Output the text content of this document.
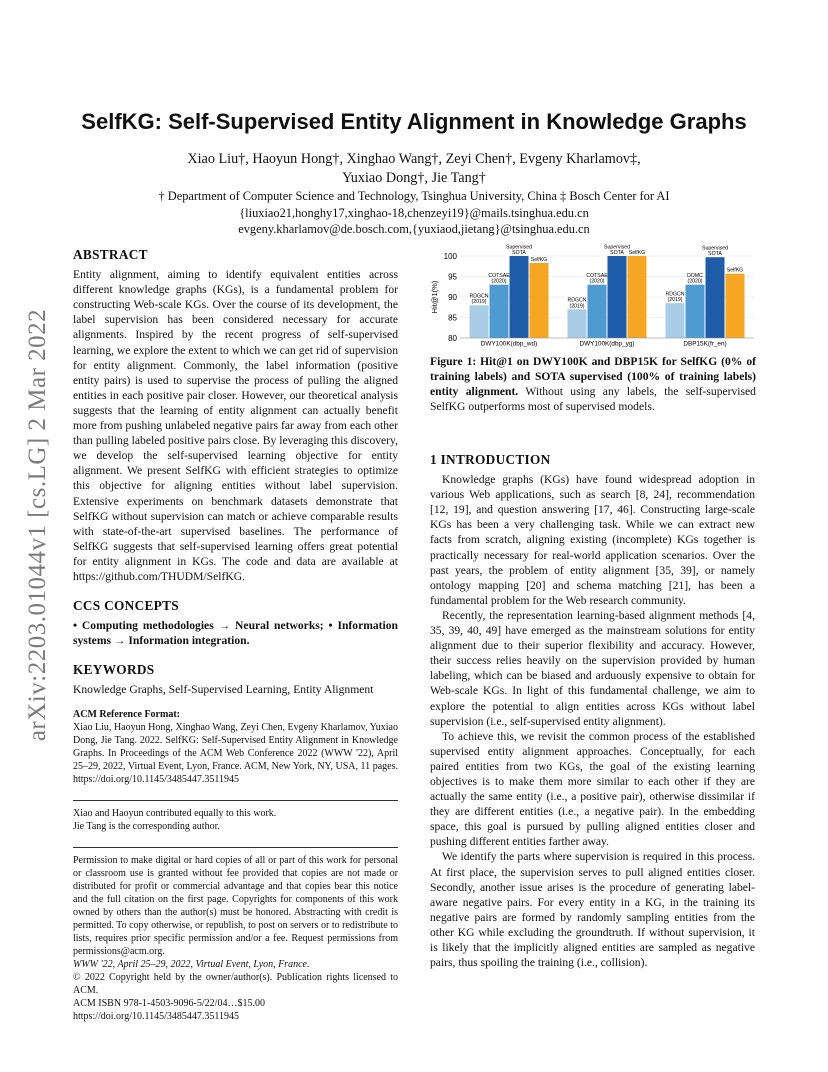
arXiv:2203.01044v1 [cs.LG] 2 Mar 2022
SelfKG: Self-Supervised Entity Alignment in Knowledge Graphs
Xiao Liu†, Haoyun Hong†, Xinghao Wang†, Zeyi Chen†, Evgeny Kharlamov‡,
Yuxiao Dong†, Jie Tang†
† Department of Computer Science and Technology, Tsinghua University, China ‡ Bosch Center for AI
{liuxiao21,honghy17,xinghao-18,chenzeyi19}@mails.tsinghua.edu.cn
evgeny.kharlamov@de.bosch.com,{yuxiaod,jietang}@tsinghua.edu.cn
ABSTRACT

Entity alignment, aiming to identify equivalent entities across different knowledge graphs (KGs), is a fundamental problem for constructing Web-scale KGs. Over the course of its development, the label supervision has been considered necessary for accurate alignments. Inspired by the recent progress of self-supervised learning, we explore the extent to which we can get rid of supervision for entity alignment. Commonly, the label information (positive entity pairs) is used to supervise the process of pulling the aligned entities in each positive pair closer. However, our theoretical analysis suggests that the learning of entity alignment can actually benefit more from pushing unlabeled negative pairs far away from each other than pulling labeled positive pairs close. By leveraging this discovery, we develop the self-supervised learning objective for entity alignment. We present SelfKG with efficient strategies to optimize this objective for aligning entities without label supervision. Extensive experiments on benchmark datasets demonstrate that SelfKG without supervision can match or achieve comparable results with state-of-the-art supervised baselines. The performance of SelfKG suggests that self-supervised learning offers great potential for entity alignment in KGs. The code and data are available at https://github.com/THUDM/SelfKG.

CCS CONCEPTS

• Computing methodologies → Neural networks; • Information systems → Information integration.

KEYWORDS

Knowledge Graphs, Self-Supervised Learning, Entity Alignment

ACM Reference Format:
Xiao Liu, Haoyun Hong, Xinghao Wang, Zeyi Chen, Evgeny Kharlamov, Yuxiao Dong, Jie Tang. 2022. SelfKG: Self-Supervised Entity Alignment in Knowledge Graphs. In Proceedings of the ACM Web Conference 2022 (WWW '22), April 25–29, 2022, Virtual Event, Lyon, France. ACM, New York, NY, USA, 11 pages. https://doi.org/10.1145/3485447.3511945
Xiao and Haoyun contributed equally to this work.
Jie Tang is the corresponding author.
Permission to make digital or hard copies of all or part of this work for personal or classroom use is granted without fee provided that copies are not made or distributed for profit or commercial advantage and that copies bear this notice and the full citation on the first page. Copyrights for components of this work owned by others than the author(s) must be honored. Abstracting with credit is permitted. To copy otherwise, or republish, to post on servers or to redistribute to lists, requires prior specific permission and/or a fee. Request permissions from permissions@acm.org.
WWW '22, April 25–29, 2022, Virtual Event, Lyon, France.
© 2022 Copyright held by the owner/author(s). Publication rights licensed to ACM.
ACM ISBN 978-1-4503-9096-5/22/04…$15.00
https://doi.org/10.1145/3485447.3511945
Hit@1(%)
80
85
90
95
100
RDGCN
(2019)
COTSAE
(2020)
Supervised
SOTA
SelfKG
DWY100K(dbp_wd)
RDGCN
(2019)
COTSAE
(2020)
Supervised
SOTA SelfKG
DWY100K(dbp_yg)
RDGCN
(2019)
DOMC
(2020)
Supervised
SOTA
SelfKG
DBP15K(fr_en)
Figure 1: Hit@1 on DWY100K and DBP15K for SelfKG (0% of training labels) and SOTA supervised (100% of training labels) entity alignment. Without using any labels, the self-supervised SelfKG outperforms most of supervised models.
1 INTRODUCTION

Knowledge graphs (KGs) have found widespread adoption in various Web applications, such as search [8, 24], recommendation [12, 19], and question answering [17, 46]. Constructing large-scale KGs has been a very challenging task. While we can extract new facts from scratch, aligning existing (incomplete) KGs together is practically necessary for real-world application scenarios. Over the past years, the problem of entity alignment [35, 39], or namely ontology mapping [20] and schema matching [21], has been a fundamental problem for the Web research community.

Recently, the representation learning-based alignment methods [4, 35, 39, 40, 49] have emerged as the mainstream solutions for entity alignment due to their superior flexibility and accuracy. However, their success relies heavily on the supervision provided by human labeling, which can be biased and arduously expensive to obtain for Web-scale KGs. In light of this fundamental challenge, we aim to explore the potential to align entities across KGs without label supervision (i.e., self-supervised entity alignment).

To achieve this, we revisit the common process of the established supervised entity alignment approaches. Conceptually, for each paired entities from two KGs, the goal of the existing learning objectives is to make them more similar to each other if they are actually the same entity (i.e., a positive pair), otherwise dissimilar if they are different entities (i.e., a negative pair). In the embedding space, this goal is pursued by pulling aligned entities closer and pushing different entities farther away.

We identify the parts where supervision is required in this process. At first place, the supervision serves to pull aligned entities closer. Secondly, another issue arises is the procedure of generating label-aware negative pairs. For every entity in a KG, in the training its negative pairs are formed by randomly sampling entities from the other KG while excluding the groundtruth. If without supervision, it is likely that the implicitly aligned entities are sampled as negative pairs, thus spoiling the training (i.e., collision).
